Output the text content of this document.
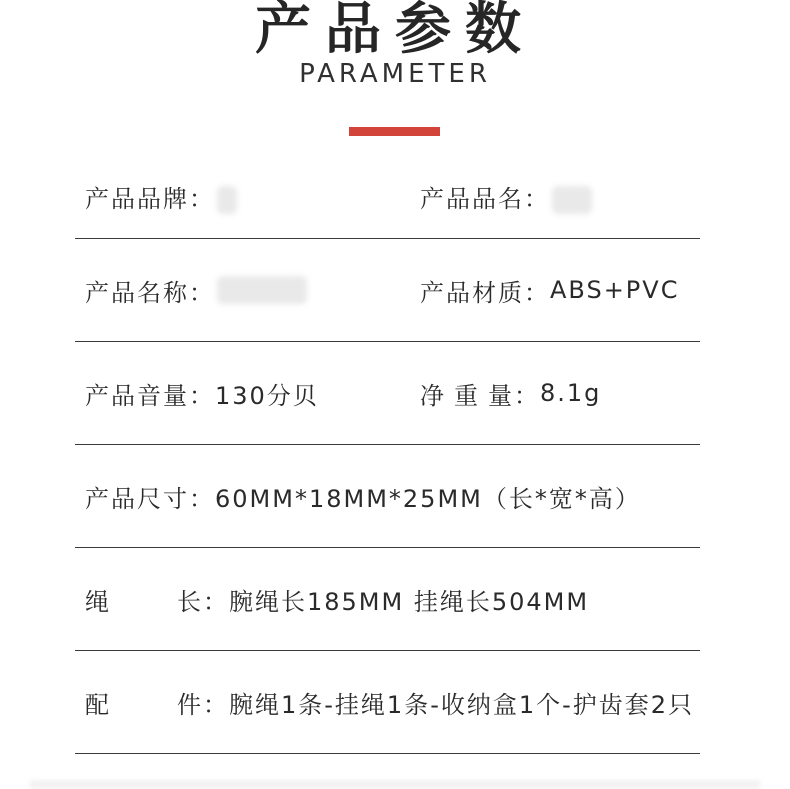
产品参数
PARAMETER
产品品牌：	产品品名：
产品名称：	产品材质： ABS+PVC
产品音量： 130分贝	净 重 量： 8.1g
产品尺寸： 60MM*18MM*25MM（长*宽*高）
绳	长： 腕绳长185MM 挂绳长504MM
配	件： 腕绳1条-挂绳1条-收纳盒1个-护齿套2只
